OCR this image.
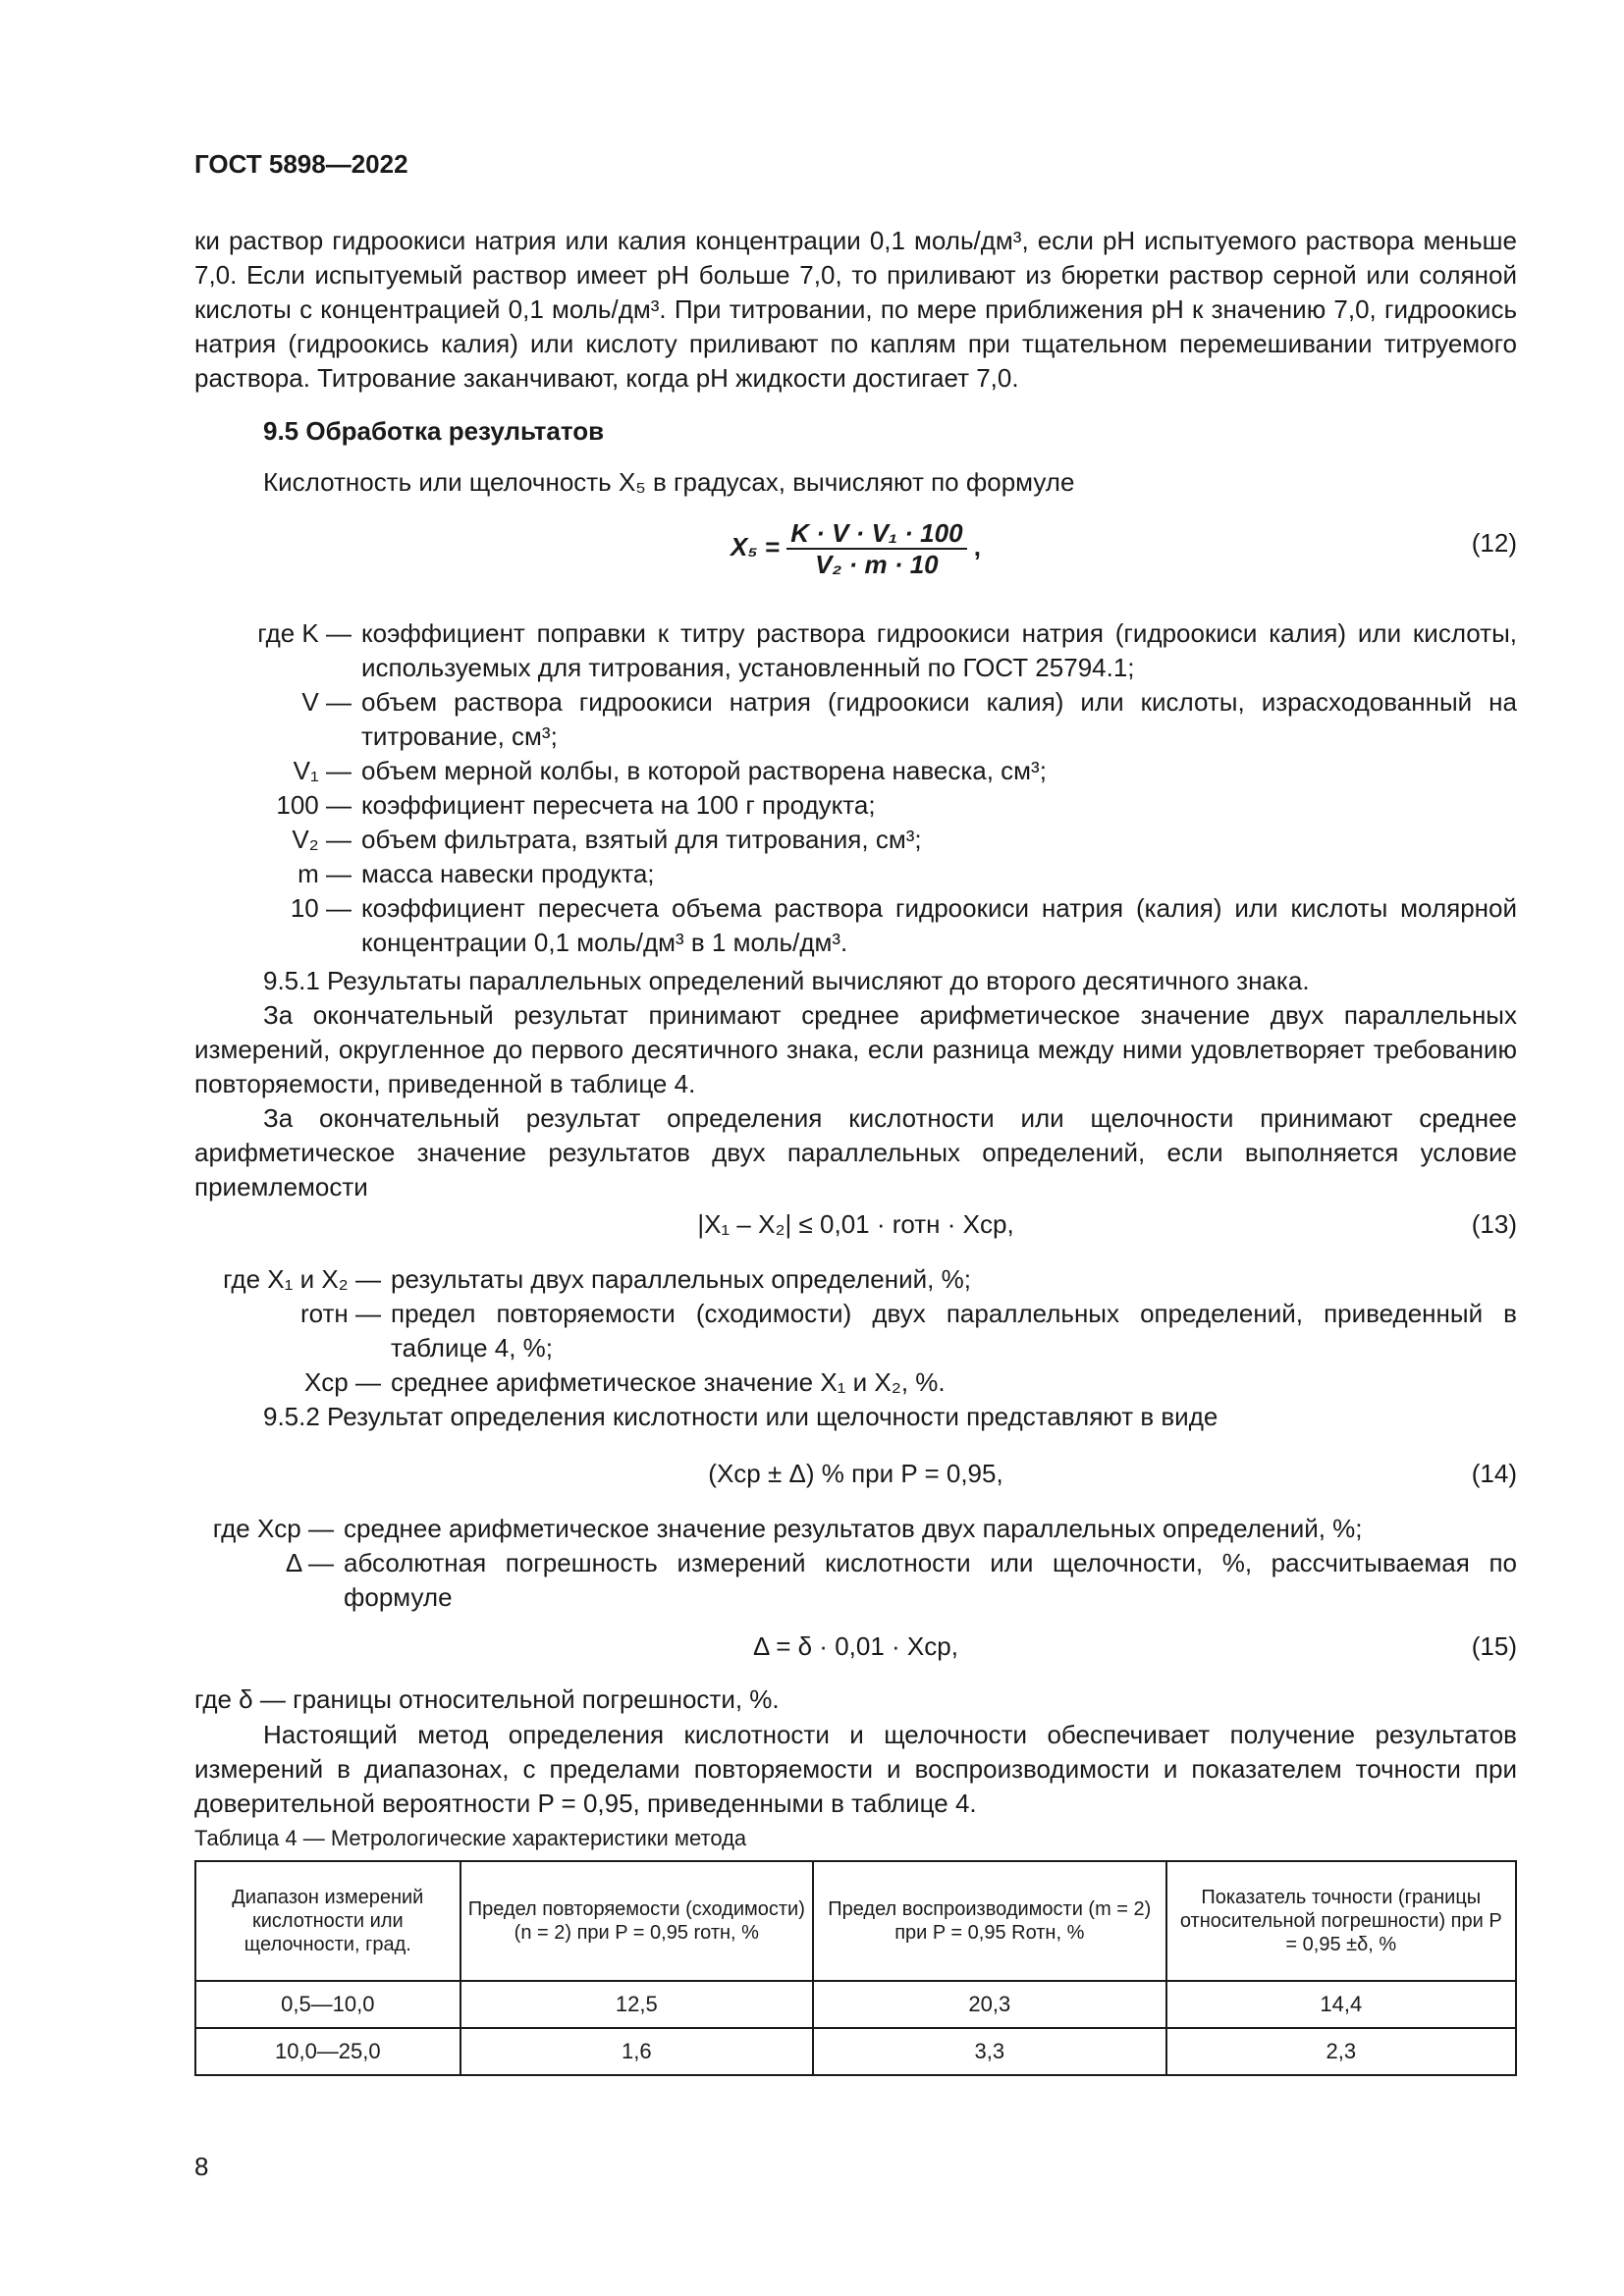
ГОСТ 5898—2022
ки раствор гидроокиси натрия или калия концентрации 0,1 моль/дм³, если pH испытуемого раствора меньше 7,0. Если испытуемый раствор имеет pH больше 7,0, то приливают из бюретки раствор серной или соляной кислоты с концентрацией 0,1 моль/дм³. При титровании, по мере приближения pH к значению 7,0, гидроокись натрия (гидроокись калия) или кислоту приливают по каплям при тщательном перемешивании титруемого раствора. Титрование заканчивают, когда pH жидкости достигает 7,0.
9.5 Обработка результатов
Кислотность или щелочность X₅ в градусах, вычисляют по формуле
$X_5 = \frac{\text{K · V · V₁ · 100}}{\text{V₂ · m · 10}}$ ,	(12)
где K — коэффициент поправки к титру раствора гидроокиси натрия (гидроокиси калия) или кислоты, используемых для титрования, установленный по ГОСТ 25794.1;
V — объем раствора гидроокиси натрия (гидроокиси калия) или кислоты, израсходованный на титрование, см³;
V₁ — объем мерной колбы, в которой растворена навеска, см³;
100 — коэффициент пересчета на 100 г продукта;
V₂ — объем фильтрата, взятый для титрования, см³;
m — масса навески продукта;
10 — коэффициент пересчета объема раствора гидроокиси натрия (калия) или кислоты молярной концентрации 0,1 моль/дм³ в 1 моль/дм³.
9.5.1 Результаты параллельных определений вычисляют до второго десятичного знака.
За окончательный результат принимают среднее арифметическое значение двух параллельных измерений, округленное до первого десятичного знака, если разница между ними удовлетворяет требованию повторяемости, приведенной в таблице 4.
За окончательный результат определения кислотности или щелочности принимают среднее арифметическое значение результатов двух параллельных определений, если выполняется условие приемлемости
|X₁ – X₂| ≤ 0,01 · rотн · Xср,	(13)
где X₁ и X₂ — результаты двух параллельных определений, %;
rотн — предел повторяемости (сходимости) двух параллельных определений, приведенный в таблице 4, %;
Xср — среднее арифметическое значение X₁ и X₂, %.
9.5.2 Результат определения кислотности или щелочности представляют в виде
(Xср ± Δ) % при P = 0,95,	(14)
где Xср — среднее арифметическое значение результатов двух параллельных определений, %;
Δ — абсолютная погрешность измерений кислотности или щелочности, %, рассчитываемая по формуле
Δ = δ · 0,01 · Xср,	(15)
где δ — границы относительной погрешности, %.
Настоящий метод определения кислотности и щелочности обеспечивает получение результатов измерений в диапазонах, с пределами повторяемости и воспроизводимости и показателем точности при доверительной вероятности P = 0,95, приведенными в таблице 4.
Таблица 4 — Метрологические характеристики метода
Диапазон измерений кислотности или щелочности, град.	Предел повторяемости (сходимости) (n = 2) при P = 0,95 rотн, %	Предел воспроизводимости (m = 2) при P = 0,95 Rотн, %	Показатель точности (границы относительной погрешности) при P = 0,95 ±δ, %
0,5—10,0	12,5	20,3	14,4
10,0—25,0	1,6	3,3	2,3
8
